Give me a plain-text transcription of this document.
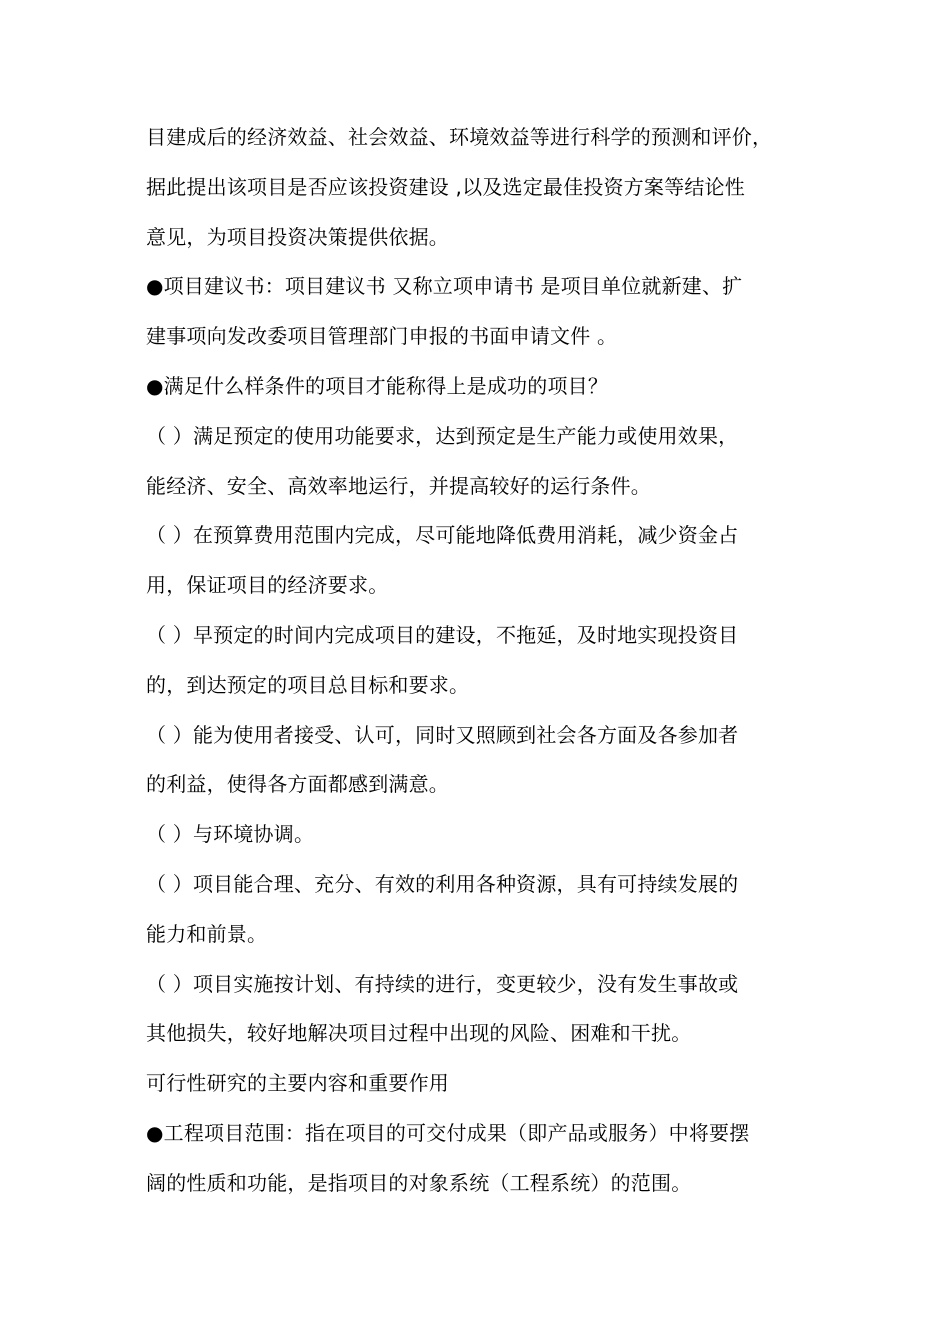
目建成后的经济效益、社会效益、环境效益等进行科学的预测和评价，
据此提出该项目是否应该投资建设 ,以及选定最佳投资方案等结论性
意见，为项目投资决策提供依据。
●项目建议书：项目建议书 又称立项申请书 是项目单位就新建、扩
建事项向发改委项目管理部门申报的书面申请文件 。
●满足什么样条件的项目才能称得上是成功的项目？
（ ）满足预定的使用功能要求，达到预定是生产能力或使用效果，
能经济、安全、高效率地运行，并提高较好的运行条件。
（ ）在预算费用范围内完成，尽可能地降低费用消耗，减少资金占
用，保证项目的经济要求。
（ ）早预定的时间内完成项目的建设，不拖延，及时地实现投资目
的，到达预定的项目总目标和要求。
（ ）能为使用者接受、认可，同时又照顾到社会各方面及各参加者
的利益，使得各方面都感到满意。
（ ）与环境协调。
（ ）项目能合理、充分、有效的利用各种资源，具有可持续发展的
能力和前景。
（ ）项目实施按计划、有持续的进行，变更较少，没有发生事故或
其他损失，较好地解决项目过程中出现的风险、困难和干扰。
可行性研究的主要内容和重要作用
●工程项目范围：指在项目的可交付成果（即产品或服务）中将要摆
阔的性质和功能，是指项目的对象系统（工程系统）的范围。
